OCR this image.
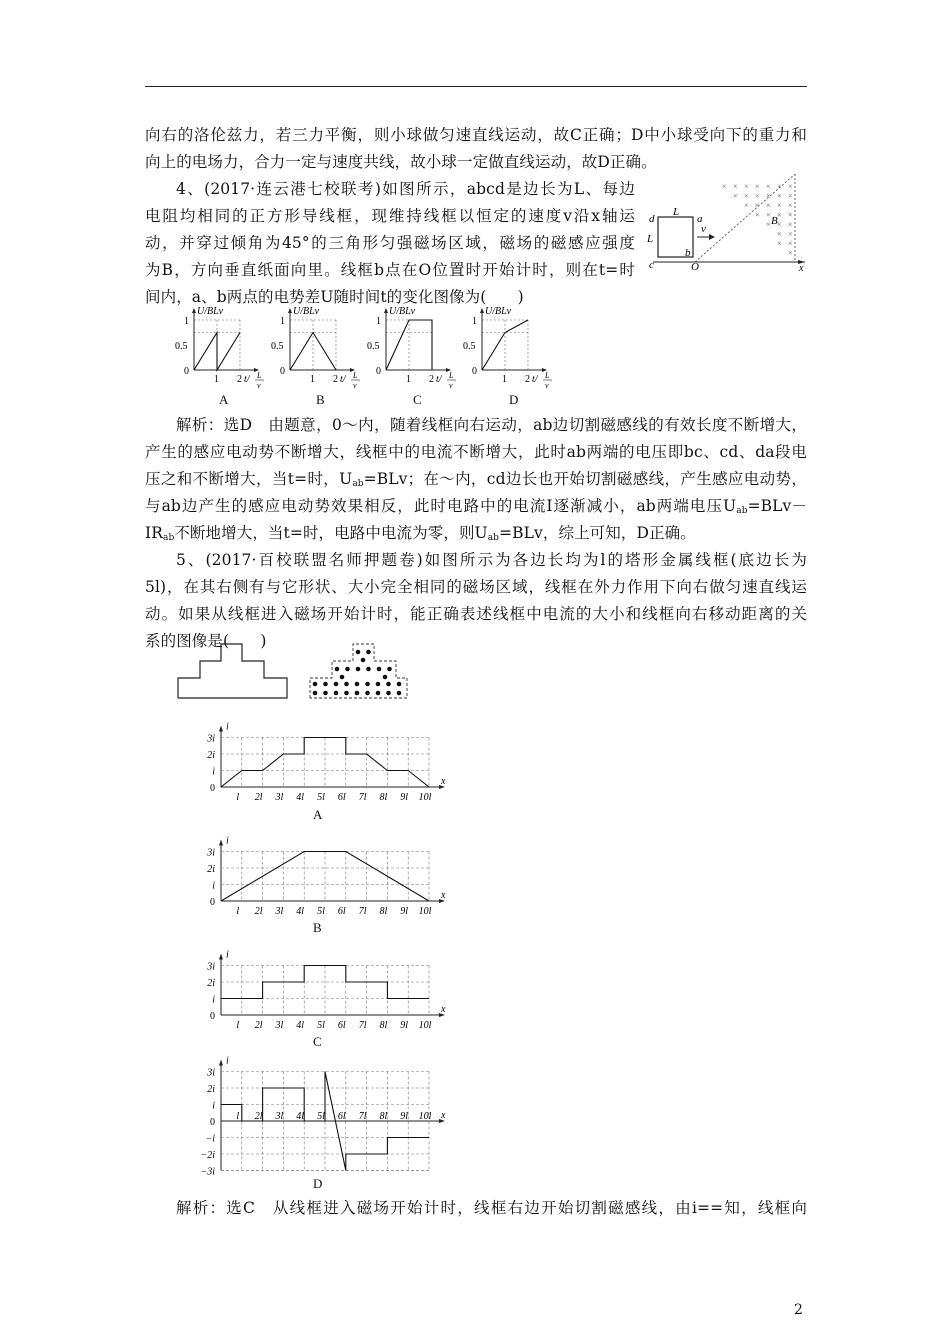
向右的洛伦兹力，若三力平衡，则小球做匀速直线运动，故C正确；D中小球受向下的重力和
向上的电场力，合力一定与速度共线，故小球一定做直线运动，故D正确。
4、(2017·连云港七校联考)如图所示，abcd是边长为L、每边
电阻均相同的正方形导线框，现维持线框以恒定的速度v沿x轴运
动，并穿过倾角为45°的三角形匀强磁场区域，磁场的磁感应强度
为B，方向垂直纸面向里。线框b点在O位置时开始计时，则在t=时
间内，a、b两点的电势差U随时间t的变化图像为(　　)
×
×
×
×
×
×
×
×
×
×
×
×
×
×
×
×
×
×
×
×
×
×
×
×
×
×
×
×
×
×
d	a
b
c
L
L
v
O
B
x
U/BLv
1
0.5
0
1 2 t/ L
v
U/BLv
1
0.5
0
1 2 t/ L
v
U/BLv
1
0.5
0
1 2 t/ L
v
U/BLv
1
0.5
0
1 2 t/ L
v
A	B	C	D
解析：选D　由题意，0～内，随着线框向右运动，ab边切割磁感线的有效长度不断增大，
产生的感应电动势不断增大，线框中的电流不断增大，此时ab两端的电压即bc、cd、da段电
压之和不断增大，当t=时，$U_{ab}=BLv$；在～内，cd边长也开始切割磁感线，产生感应电动势，
与ab边产生的感应电动势效果相反，此时电路中的电流I逐渐减小，ab两端电压$U_{ab}=BLv-$
$IR_{ab}$不断地增大，当t=时，电路中电流为零，则$U_{ab}=BLv$，综上可知，D正确。
5、(2017·百校联盟名师押题卷)如图所示为各边长均为l的塔形金属线框(底边长为
5l)，在其右侧有与它形状、大小完全相同的磁场区域，线框在外力作用下向右做匀速直线运
动。如果从线框进入磁场开始计时，能正确表述线框中电流的大小和线框向右移动距离的关
系的图像是(　　)
i
3i
2i
i
0
l 2l 3l 4l 5l 6l 7l 8l 9l 10l
x
A
i
3i
2i
i
0
l 2l 3l 4l 5l 6l 7l 8l 9l 10l
x
B
i
3i
2i
i
0
l 2l 3l 4l 5l 6l 7l 8l 9l 10l
x
C
i
3i
2i
i
0
−i
−2i
−3i
l 2l 3l 4l 5l 6l 7l 8l 9l 10l x
D
解析：选C　从线框进入磁场开始计时，线框右边开始切割磁感线，由i==知，线框向
2
